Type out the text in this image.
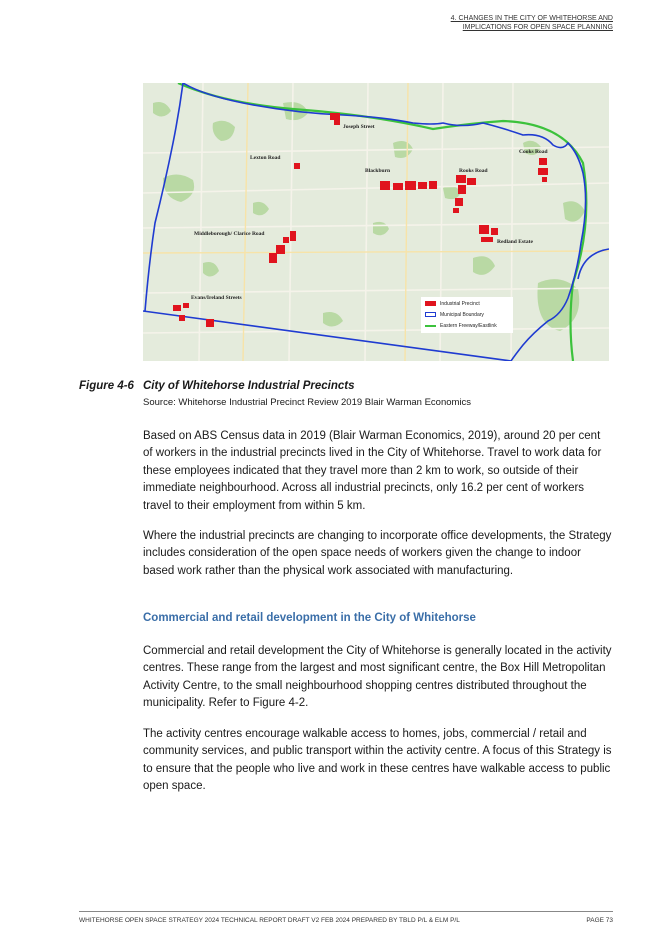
4. CHANGES IN THE CITY OF WHITEHORSE AND
IMPLICATIONS FOR OPEN SPACE PLANNING
Joseph Street
Cooks Road
Lexton Road
Blackburn	Rooks Road
Middleborough/ Clarice Road
Redland Estate
Evans/Ireland Streets
Industrial Precinct
Municipal Boundary
Eastern Freeway/Eastlink
Figure 4-6 City of Whitehorse Industrial Precincts
Source: Whitehorse Industrial Precinct Review 2019 Blair Warman Economics

Based on ABS Census data in 2019 (Blair Warman Economics, 2019), around 20 per cent of workers in the industrial precincts lived in the City of Whitehorse. Travel to work data for these employees indicated that they travel more than 2 km to work, so outside of their immediate neighbourhood. Across all industrial precincts, only 16.2 per cent of workers travel to their employment from within 5 km.

Where the industrial precincts are changing to incorporate office developments, the Strategy includes consideration of the open space needs of workers given the change to indoor based work rather than the physical work associated with manufacturing.

Commercial and retail development in the City of Whitehorse

Commercial and retail development the City of Whitehorse is generally located in the activity centres. These range from the largest and most significant centre, the Box Hill Metropolitan Activity Centre, to the small neighbourhood shopping centres distributed throughout the municipality. Refer to Figure 4-2.

The activity centres encourage walkable access to homes, jobs, commercial / retail and community services, and public transport within the activity centre. A focus of this Strategy is to ensure that the people who live and work in these centres have walkable access to public open space.

WHITEHORSE OPEN SPACE STRATEGY 2024 TECHNICAL REPORT DRAFT V2 FEB 2024 PREPARED BY TBLD P/L & ELM P/L	PAGE 73
